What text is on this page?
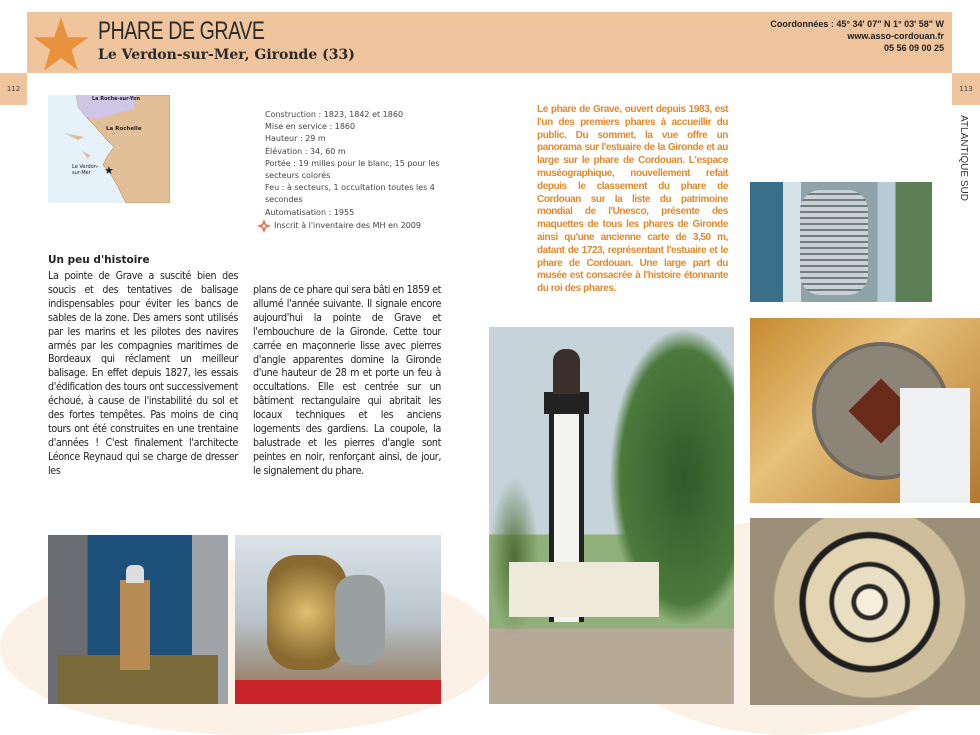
PHARE DE GRAVE
Le Verdon-sur-Mer, Gironde (33)
Coordonnées : 45° 34' 07" N 1° 03' 58" W
www.asso-cordouan.fr
05 56 09 00 25
112	113
ATLANTIQUE SUD
La Roche-sur-Yon
La Rochelle
Le Verdon-sur-Mer	★
Construction : 1823, 1842 et 1860
Mise en service : 1860
Hauteur : 29 m
Élévation : 34, 60 m
Portée : 19 milles pour le blanc, 15 pour les secteurs colorés
Feu : à secteurs, 1 occultation toutes les 4 secondes
Automatisation : 1955
Inscrit à l'inventaire des MH en 2009
Un peu d'histoire
La pointe de Grave a suscité bien des soucis et des tentatives de balisage indispensables pour éviter les bancs de sables de la zone. Des amers sont utilisés par les marins et les pilotes des navires armés par les compagnies maritimes de Bordeaux qui réclament un meilleur balisage. En effet depuis 1827, les essais d'édification des tours ont successivement échoué, à cause de l'instabilité du sol et des fortes tempêtes. Pas moins de cinq tours ont été construites en une trentaine d'années ! C'est finalement l'architecte Léonce Reynaud qui se charge de dresser les
plans de ce phare qui sera bâti en 1859 et allumé l'année suivante. Il signale encore aujourd'hui la pointe de Grave et l'embouchure de la Gironde. Cette tour carrée en maçonnerie lisse avec pierres d'angle apparentes domine la Gironde d'une hauteur de 28 m et porte un feu à occultations. Elle est centrée sur un bâtiment rectangulaire qui abritait les locaux techniques et les anciens logements des gardiens. La coupole, la balustrade et les pierres d'angle sont peintes en noir, renforçant ainsi, de jour, le signalement du phare.
Le phare de Grave, ouvert depuis 1983, est l'un des premiers phares à accueillir du public. Du sommet, la vue offre un panorama sur l'estuaire de la Gironde et au large sur le phare de Cordouan. L'espace muséographique, nouvellement refait depuis le classement du phare de Cordouan sur la liste du patrimoine mondial de l'Unesco, présente des maquettes de tous les phares de Gironde ainsi qu'une ancienne carte de 3,50 m, datant de 1723, représentant l'estuaire et le phare de Cordouan. Une large part du musée est consacrée à l'histoire étonnante du roi des phares.
